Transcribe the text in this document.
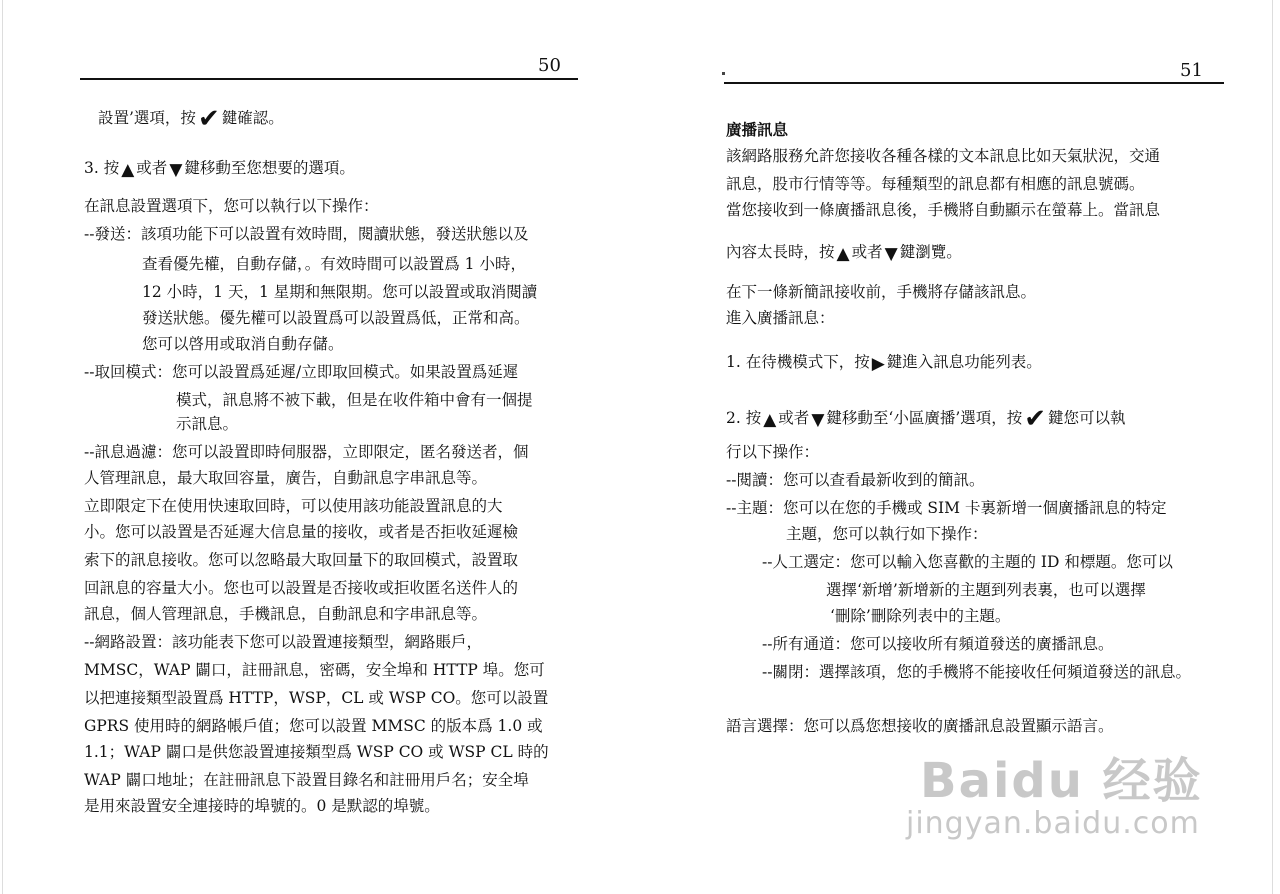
50
設置’選項，按✔ 鍵確認。
3. 按 ▲ 或者 ▼ 鍵移動至您想要的選項。
在訊息設置選項下，您可以執行以下操作：
--發送：該項功能下可以設置有效時間，閱讀狀態，發送狀態以及
查看優先權，自動存儲，。有效時間可以設置爲 1 小時，
12 小時，1 天，1 星期和無限期。您可以設置或取消閱讀
發送狀態。優先權可以設置爲可以設置爲低，正常和高。
您可以啓用或取消自動存儲。
--取回模式：您可以設置爲延遲/立即取回模式。如果設置爲延遲
模式，訊息將不被下載，但是在收件箱中會有一個提
示訊息。
--訊息過濾：您可以設置即時伺服器，立即限定，匿名發送者，個
人管理訊息，最大取回容量，廣告，自動訊息字串訊息等。
立即限定下在使用快速取回時，可以使用該功能設置訊息的大
小。您可以設置是否延遲大信息量的接收，或者是否拒收延遲檢
索下的訊息接收。您可以忽略最大取回量下的取回模式，設置取
回訊息的容量大小。您也可以設置是否接收或拒收匿名送件人的
訊息，個人管理訊息，手機訊息，自動訊息和字串訊息等。
--網路設置：該功能表下您可以設置連接類型，網路賬戶，
MMSC，WAP 闢口，註冊訊息，密碼，安全埠和 HTTP 埠。您可
以把連接類型設置爲 HTTP，WSP，CL 或 WSP CO。您可以設置
GPRS 使用時的網路帳戶值；您可以設置 MMSC 的版本爲 1.0 或
1.1；WAP 闢口是供您設置連接類型爲 WSP CO 或 WSP CL 時的
WAP 闢口地址；在註冊訊息下設置目錄名和註冊用戶名；安全埠
是用來設置安全連接時的埠號的。0 是默認的埠號。
51
廣播訊息
該網路服務允許您接收各種各樣的文本訊息比如天氣狀況，交通
訊息，股市行情等等。每種類型的訊息都有相應的訊息號碼。
當您接收到一條廣播訊息後，手機將自動顯示在螢幕上。當訊息
內容太長時，按 ▲ 或者 ▼ 鍵瀏覽。
在下一條新簡訊接收前，手機將存儲該訊息。
進入廣播訊息：
1. 在待機模式下，按 ▶ 鍵進入訊息功能列表。
2. 按 ▲ 或者 ▼ 鍵移動至‘小區廣播’選項，按✔ 鍵您可以執
行以下操作：
--閱讀：您可以查看最新收到的簡訊。
--主題：您可以在您的手機或 SIM 卡裏新增一個廣播訊息的特定
主題，您可以執行如下操作：
--人工選定：您可以輸入您喜歡的主題的 ID 和標題。您可以
選擇‘新增’新增新的主題到列表裏，也可以選擇
‘刪除’刪除列表中的主題。
--所有通道：您可以接收所有頻道發送的廣播訊息。
--關閉：選擇該項，您的手機將不能接收任何頻道發送的訊息。
語言選擇：您可以爲您想接收的廣播訊息設置顯示語言。
Baidu 经验
jingyan.baidu.com
